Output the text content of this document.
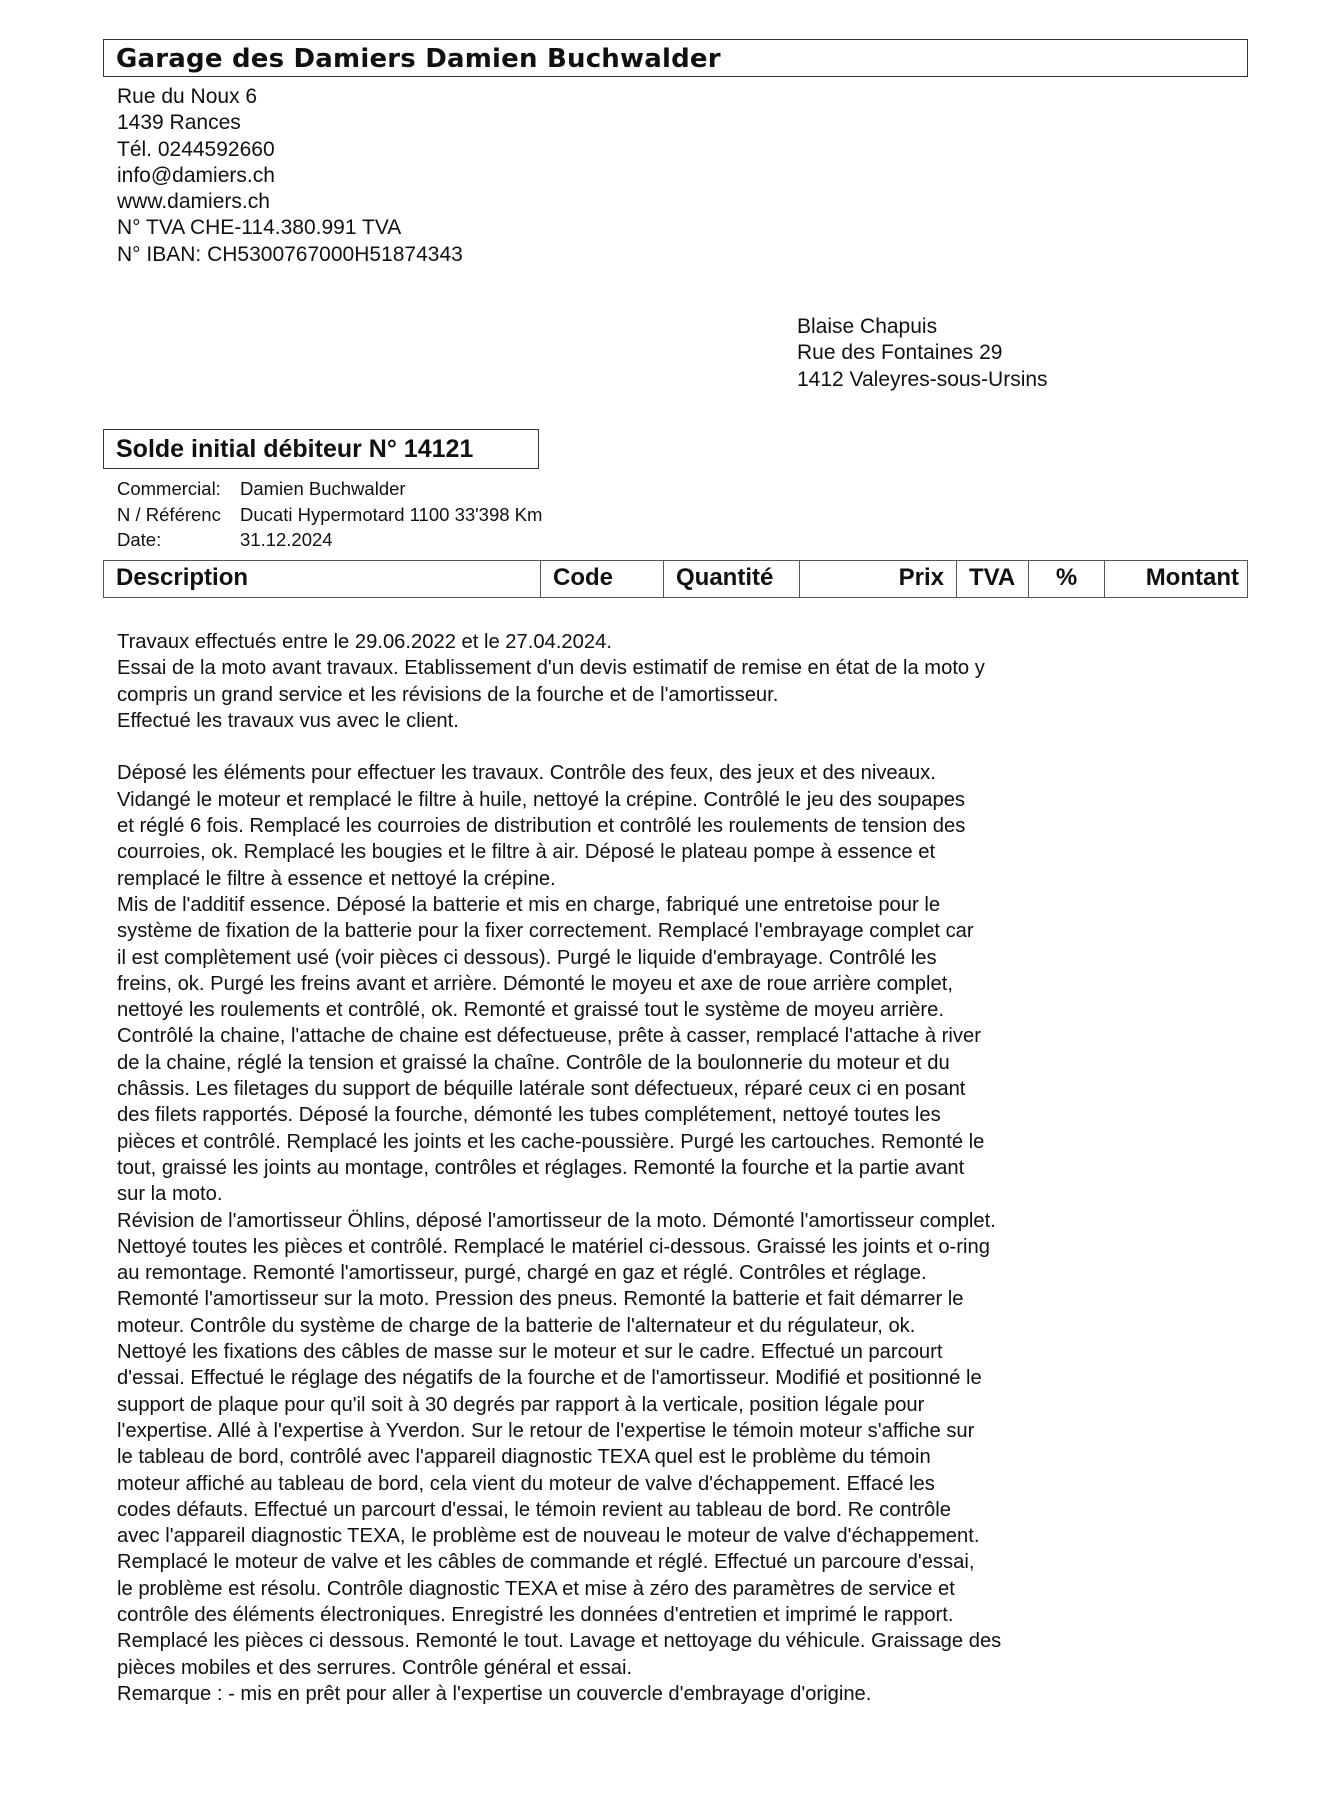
Garage des Damiers Damien Buchwalder
Rue du Noux 6
1439 Rances
Tél. 0244592660
info@damiers.ch
www.damiers.ch
N° TVA CHE-114.380.991 TVA
N° IBAN: CH5300767000H51874343
Blaise Chapuis
Rue des Fontaines 29
1412 Valeyres-sous-Ursins
Solde initial débiteur N° 14121
Commercial:	Damien Buchwalder
N / Référenc	Ducati Hypermotard 1100 33'398 Km
Date:	31.12.2024
Description	Code	Quantité	Prix	TVA	%	Montant

Travaux effectués entre le 29.06.2022 et le 27.04.2024.

Essai de la moto avant travaux. Etablissement d'un devis estimatif de remise en état de la moto y

compris un grand service et les révisions de la fourche et de l'amortisseur.

Effectué les travaux vus avec le client.

Déposé les éléments pour effectuer les travaux. Contrôle des feux, des jeux et des niveaux.

Vidangé le moteur et remplacé le filtre à huile, nettoyé la crépine. Contrôlé le jeu des soupapes

et réglé 6 fois. Remplacé les courroies de distribution et contrôlé les roulements de tension des

courroies, ok. Remplacé les bougies et le filtre à air. Déposé le plateau pompe à essence et

remplacé le filtre à essence et nettoyé la crépine.

Mis de l'additif essence. Déposé la batterie et mis en charge, fabriqué une entretoise pour le

système de fixation de la batterie pour la fixer correctement. Remplacé l'embrayage complet car

il est complètement usé (voir pièces ci dessous). Purgé le liquide d'embrayage. Contrôlé les

freins, ok. Purgé les freins avant et arrière. Démonté le moyeu et axe de roue arrière complet,

nettoyé les roulements et contrôlé, ok. Remonté et graissé tout le système de moyeu arrière.

Contrôlé la chaine, l'attache de chaine est défectueuse, prête à casser, remplacé l'attache à river

de la chaine, réglé la tension et graissé la chaîne. Contrôle de la boulonnerie du moteur et du

châssis. Les filetages du support de béquille latérale sont défectueux, réparé ceux ci en posant

des filets rapportés. Déposé la fourche, démonté les tubes complétement, nettoyé toutes les

pièces et contrôlé. Remplacé les joints et les cache-poussière. Purgé les cartouches. Remonté le

tout, graissé les joints au montage, contrôles et réglages. Remonté la fourche et la partie avant

sur la moto.

Révision de l'amortisseur Öhlins, déposé l'amortisseur de la moto. Démonté l'amortisseur complet.

Nettoyé toutes les pièces et contrôlé. Remplacé le matériel ci-dessous. Graissé les joints et o-ring

au remontage. Remonté l'amortisseur, purgé, chargé en gaz et réglé. Contrôles et réglage.

Remonté l'amortisseur sur la moto. Pression des pneus. Remonté la batterie et fait démarrer le

moteur. Contrôle du système de charge de la batterie de l'alternateur et du régulateur, ok.

Nettoyé les fixations des câbles de masse sur le moteur et sur le cadre. Effectué un parcourt

d'essai. Effectué le réglage des négatifs de la fourche et de l'amortisseur. Modifié et positionné le

support de plaque pour qu'il soit à 30 degrés par rapport à la verticale, position légale pour

l'expertise. Allé à l'expertise à Yverdon. Sur le retour de l'expertise le témoin moteur s'affiche sur

le tableau de bord, contrôlé avec l'appareil diagnostic TEXA quel est le problème du témoin

moteur affiché au tableau de bord, cela vient du moteur de valve d'échappement. Effacé les

codes défauts. Effectué un parcourt d'essai, le témoin revient au tableau de bord. Re contrôle

avec l'appareil diagnostic TEXA, le problème est de nouveau le moteur de valve d'échappement.

Remplacé le moteur de valve et les câbles de commande et réglé. Effectué un parcoure d'essai,

le problème est résolu. Contrôle diagnostic TEXA et mise à zéro des paramètres de service et

contrôle des éléments électroniques. Enregistré les données d'entretien et imprimé le rapport.

Remplacé les pièces ci dessous. Remonté le tout. Lavage et nettoyage du véhicule. Graissage des

pièces mobiles et des serrures. Contrôle général et essai.

Remarque : - mis en prêt pour aller à l'expertise un couvercle d'embrayage d'origine.
